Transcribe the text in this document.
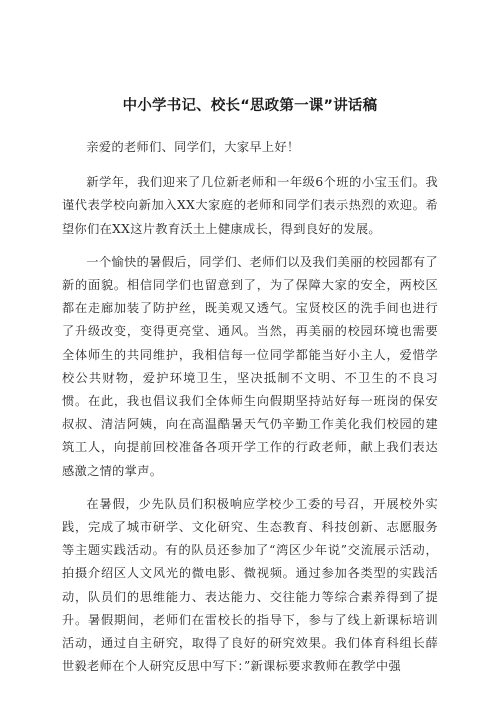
中小学书记、校长“思政第一课”讲话稿

亲爱的老师们、同学们，大家早上好！

新学年，我们迎来了几位新老师和一年级6个班的小宝玉们。我谨代表学校向新加入XX大家庭的老师和同学们表示热烈的欢迎。希望你们在XX这片教育沃土上健康成长，得到良好的发展。

一个愉快的暑假后，同学们、老师们以及我们美丽的校园都有了新的面貌。相信同学们也留意到了，为了保障大家的安全，两校区都在走廊加装了防护丝，既美观又透气。宝贤校区的洗手间也进行了升级改变，变得更亮堂、通风。当然，再美丽的校园环境也需要全体师生的共同维护，我相信每一位同学都能当好小主人，爱惜学校公共财物，爱护环境卫生，坚决抵制不文明、不卫生的不良习惯。在此，我也倡议我们全体师生向假期坚持站好每一班岗的保安叔叔、清洁阿姨，向在高温酷暑天气仍辛勤工作美化我们校园的建筑工人，向提前回校准备各项开学工作的行政老师，献上我们表达感激之情的掌声。

在暑假，少先队员们积极响应学校少工委的号召，开展校外实践，完成了城市研学、文化研究、生态教育、科技创新、志愿服务等主题实践活动。有的队员还参加了“湾区少年说”交流展示活动，拍摄介绍区人文风光的微电影、微视频。通过参加各类型的实践活动，队员们的思维能力、表达能力、交往能力等综合素养得到了提升。暑假期间，老师们在雷校长的指导下，参与了线上新课标培训活动，通过自主研究，取得了良好的研究效果。我们体育科组长薛世毅老师在个人研究反思中写下：”新课标要求教师在教学中强
